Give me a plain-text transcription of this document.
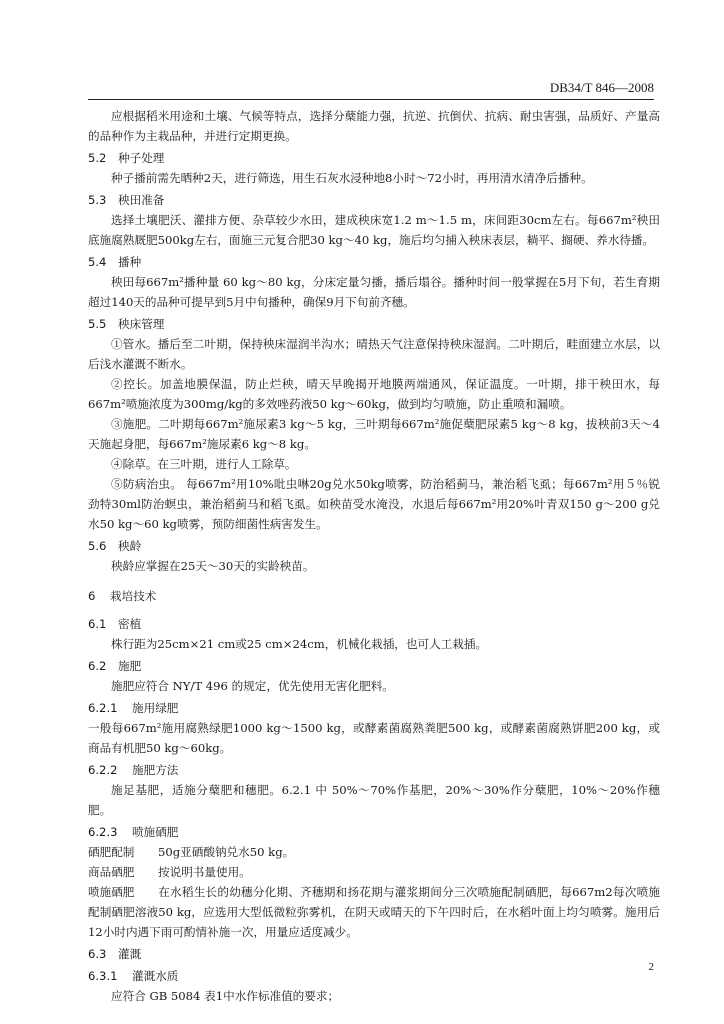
DB34/T 846—2008

应根据稻米用途和土壤、气候等特点，选择分蘖能力强，抗逆、抗倒伏、抗病、耐虫害强，品质好、产量高的品种作为主栽品种，并进行定期更换。

5.2 种子处理

种子播前需先晒种2天，进行筛选，用生石灰水浸种地8小时～72小时，再用清水清净后播种。

5.3 秧田准备

选择土壤肥沃、灌排方便、杂草较少水田，建成秧床宽1.2 m～1.5 m，床间距30cm左右。每667m²秧田底施腐熟厩肥500kg左右，面施三元复合肥30 kg～40 kg，施后均匀捕入秧床表层，耥平、搁硬、养水待播。

5.4 播种

秧田每667m²播种量 60 kg～80 kg，分床定量匀播，播后塌谷。播种时间一般掌握在5月下旬，若生育期超过140天的品种可提早到5月中旬播种，确保9月下旬前齐穗。

5.5 秧床管理

①管水。播后至二叶期，保持秧床湿润半沟水；晴热天气注意保持秧床湿润。二叶期后，畦面建立水层，以后浅水灌溉不断水。

②控长。加盖地膜保温，防止烂秧，晴天早晚揭开地膜两端通风，保证温度。一叶期，排干秧田水，每667m²喷施浓度为300mg/kg的多效唑药液50 kg～60kg，做到均匀喷施，防止重喷和漏喷。

③施肥。二叶期每667m²施尿素3 kg～5 kg，三叶期每667m²施促蘖肥尿素5 kg～8 kg，拔秧前3天～4天施起身肥，每667m²施尿素6 kg～8 kg。

④除草。在三叶期，进行人工除草。

⑤防病治虫。 每667m²用10%吡虫啉20g兑水50kg喷雾，防治稻蓟马，兼治稻飞虱；每667m²用５％锐劲特30ml防治螟虫，兼治稻蓟马和稻飞虱。如秧苗受水淹没，水退后每667m²用20%叶青双150 g～200 g兑水50 kg～60 kg喷雾，预防细菌性病害发生。

5.6 秧龄

秧龄应掌握在25天～30天的实龄秧苗。

6 栽培技术
6.1 密植

株行距为25cm×21 cm或25 cm×24cm，机械化栽插，也可人工栽插。

6.2 施肥

施肥应符合 NY/T 496 的规定，优先使用无害化肥料。

6.2.1 施用绿肥

一般每667m²施用腐熟绿肥1000 kg～1500 kg，或酵素菌腐熟粪肥500 kg，或酵素菌腐熟饼肥200 kg，或商品有机肥50 kg～60kg。

6.2.2 施肥方法

施足基肥，适施分蘖肥和穗肥。6.2.1 中 50%～70%作基肥，20%～30%作分蘖肥，10%～20%作穗肥。

6.2.3 喷施硒肥

硒肥配制 50g亚硒酸钠兑水50 kg。

商品硒肥 按说明书量使用。

喷施硒肥 在水稻生长的幼穗分化期、齐穗期和扬花期与灌浆期间分三次喷施配制硒肥，每667m2每次喷施配制硒肥溶液50 kg，应选用大型低微粒弥雾机，在阴天或晴天的下午四时后，在水稻叶面上均匀喷雾。施用后12小时内遇下雨可酌情补施一次，用量应适度减少。

6.3 灌溉
6.3.1 灌溉水质

应符合 GB 5084 表1中水作标准值的要求；

2
